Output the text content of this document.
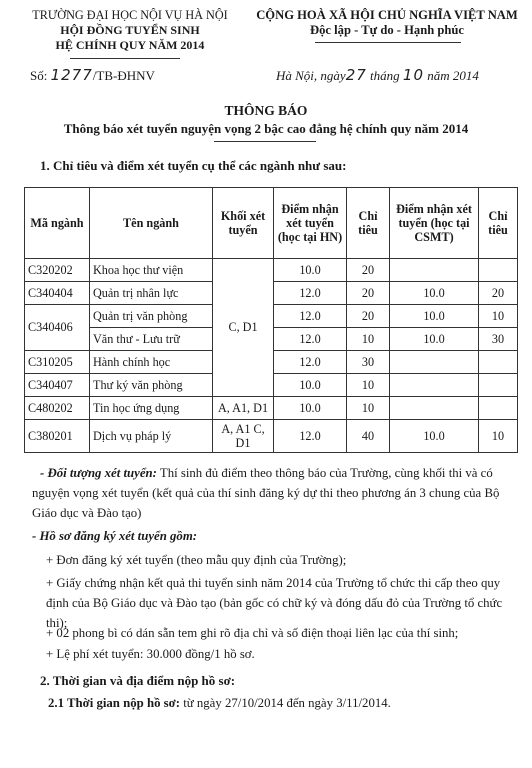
TRƯỜNG ĐẠI HỌC NỘI VỤ HÀ NỘI
HỘI ĐỒNG TUYỂN SINH
HỆ CHÍNH QUY NĂM 2014
CỘNG HOÀ XÃ HỘI CHỦ NGHĨA VIỆT NAM
Độc lập - Tự do - Hạnh phúc
Số: 1277/TB-ĐHNV	Hà Nội, ngày27 tháng 10 năm 2014
THÔNG BÁO
Thông báo xét tuyển nguyện vọng 2 bậc cao đẳng hệ chính quy năm 2014
1. Chỉ tiêu và điểm xét tuyển cụ thể các ngành như sau:
Mã ngành	Tên ngành	Khối xét tuyển	Điểm nhận xét tuyển (học tại HN)	Chỉ tiêu	Điểm nhận xét tuyển (học tại CSMT)	Chỉ tiêu
C320202	Khoa học thư viện	C, D1	10.0	20		
C340404	Quản trị nhân lực		12.0	20	10.0	20
C340406	Quản trị văn phòng		12.0	20	10.0	10
	Văn thư - Lưu trữ		12.0	10	10.0	30
C310205	Hành chính học		12.0	30		
C340407	Thư ký văn phòng		10.0	10		
C480202	Tin học ứng dụng	A, A1, D1	10.0	10		
C380201	Dịch vụ pháp lý	A, A1 C, D1	12.0	40	10.0	10
- Đối tượng xét tuyển: Thí sinh đủ điểm theo thông báo của Trường, cùng khối thi và có nguyện vọng xét tuyển (kết quả của thí sinh đăng ký dự thi theo phương án 3 chung của Bộ Giáo dục và Đào tạo)
- Hồ sơ đăng ký xét tuyển gồm:
+ Đơn đăng ký xét tuyển (theo mẫu quy định của Trường);
+ Giấy chứng nhận kết quả thi tuyển sinh năm 2014 của Trường tổ chức thi cấp theo quy định của Bộ Giáo dục và Đào tạo (bản gốc có chữ ký và đóng dấu đỏ của Trường tổ chức thi);
+ 02 phong bì có dán sẵn tem ghi rõ địa chỉ và số điện thoại liên lạc của thí sinh;
+ Lệ phí xét tuyển: 30.000 đồng/1 hồ sơ.
2. Thời gian và địa điểm nộp hồ sơ:
2.1 Thời gian nộp hồ sơ: từ ngày 27/10/2014 đến ngày 3/11/2014.
